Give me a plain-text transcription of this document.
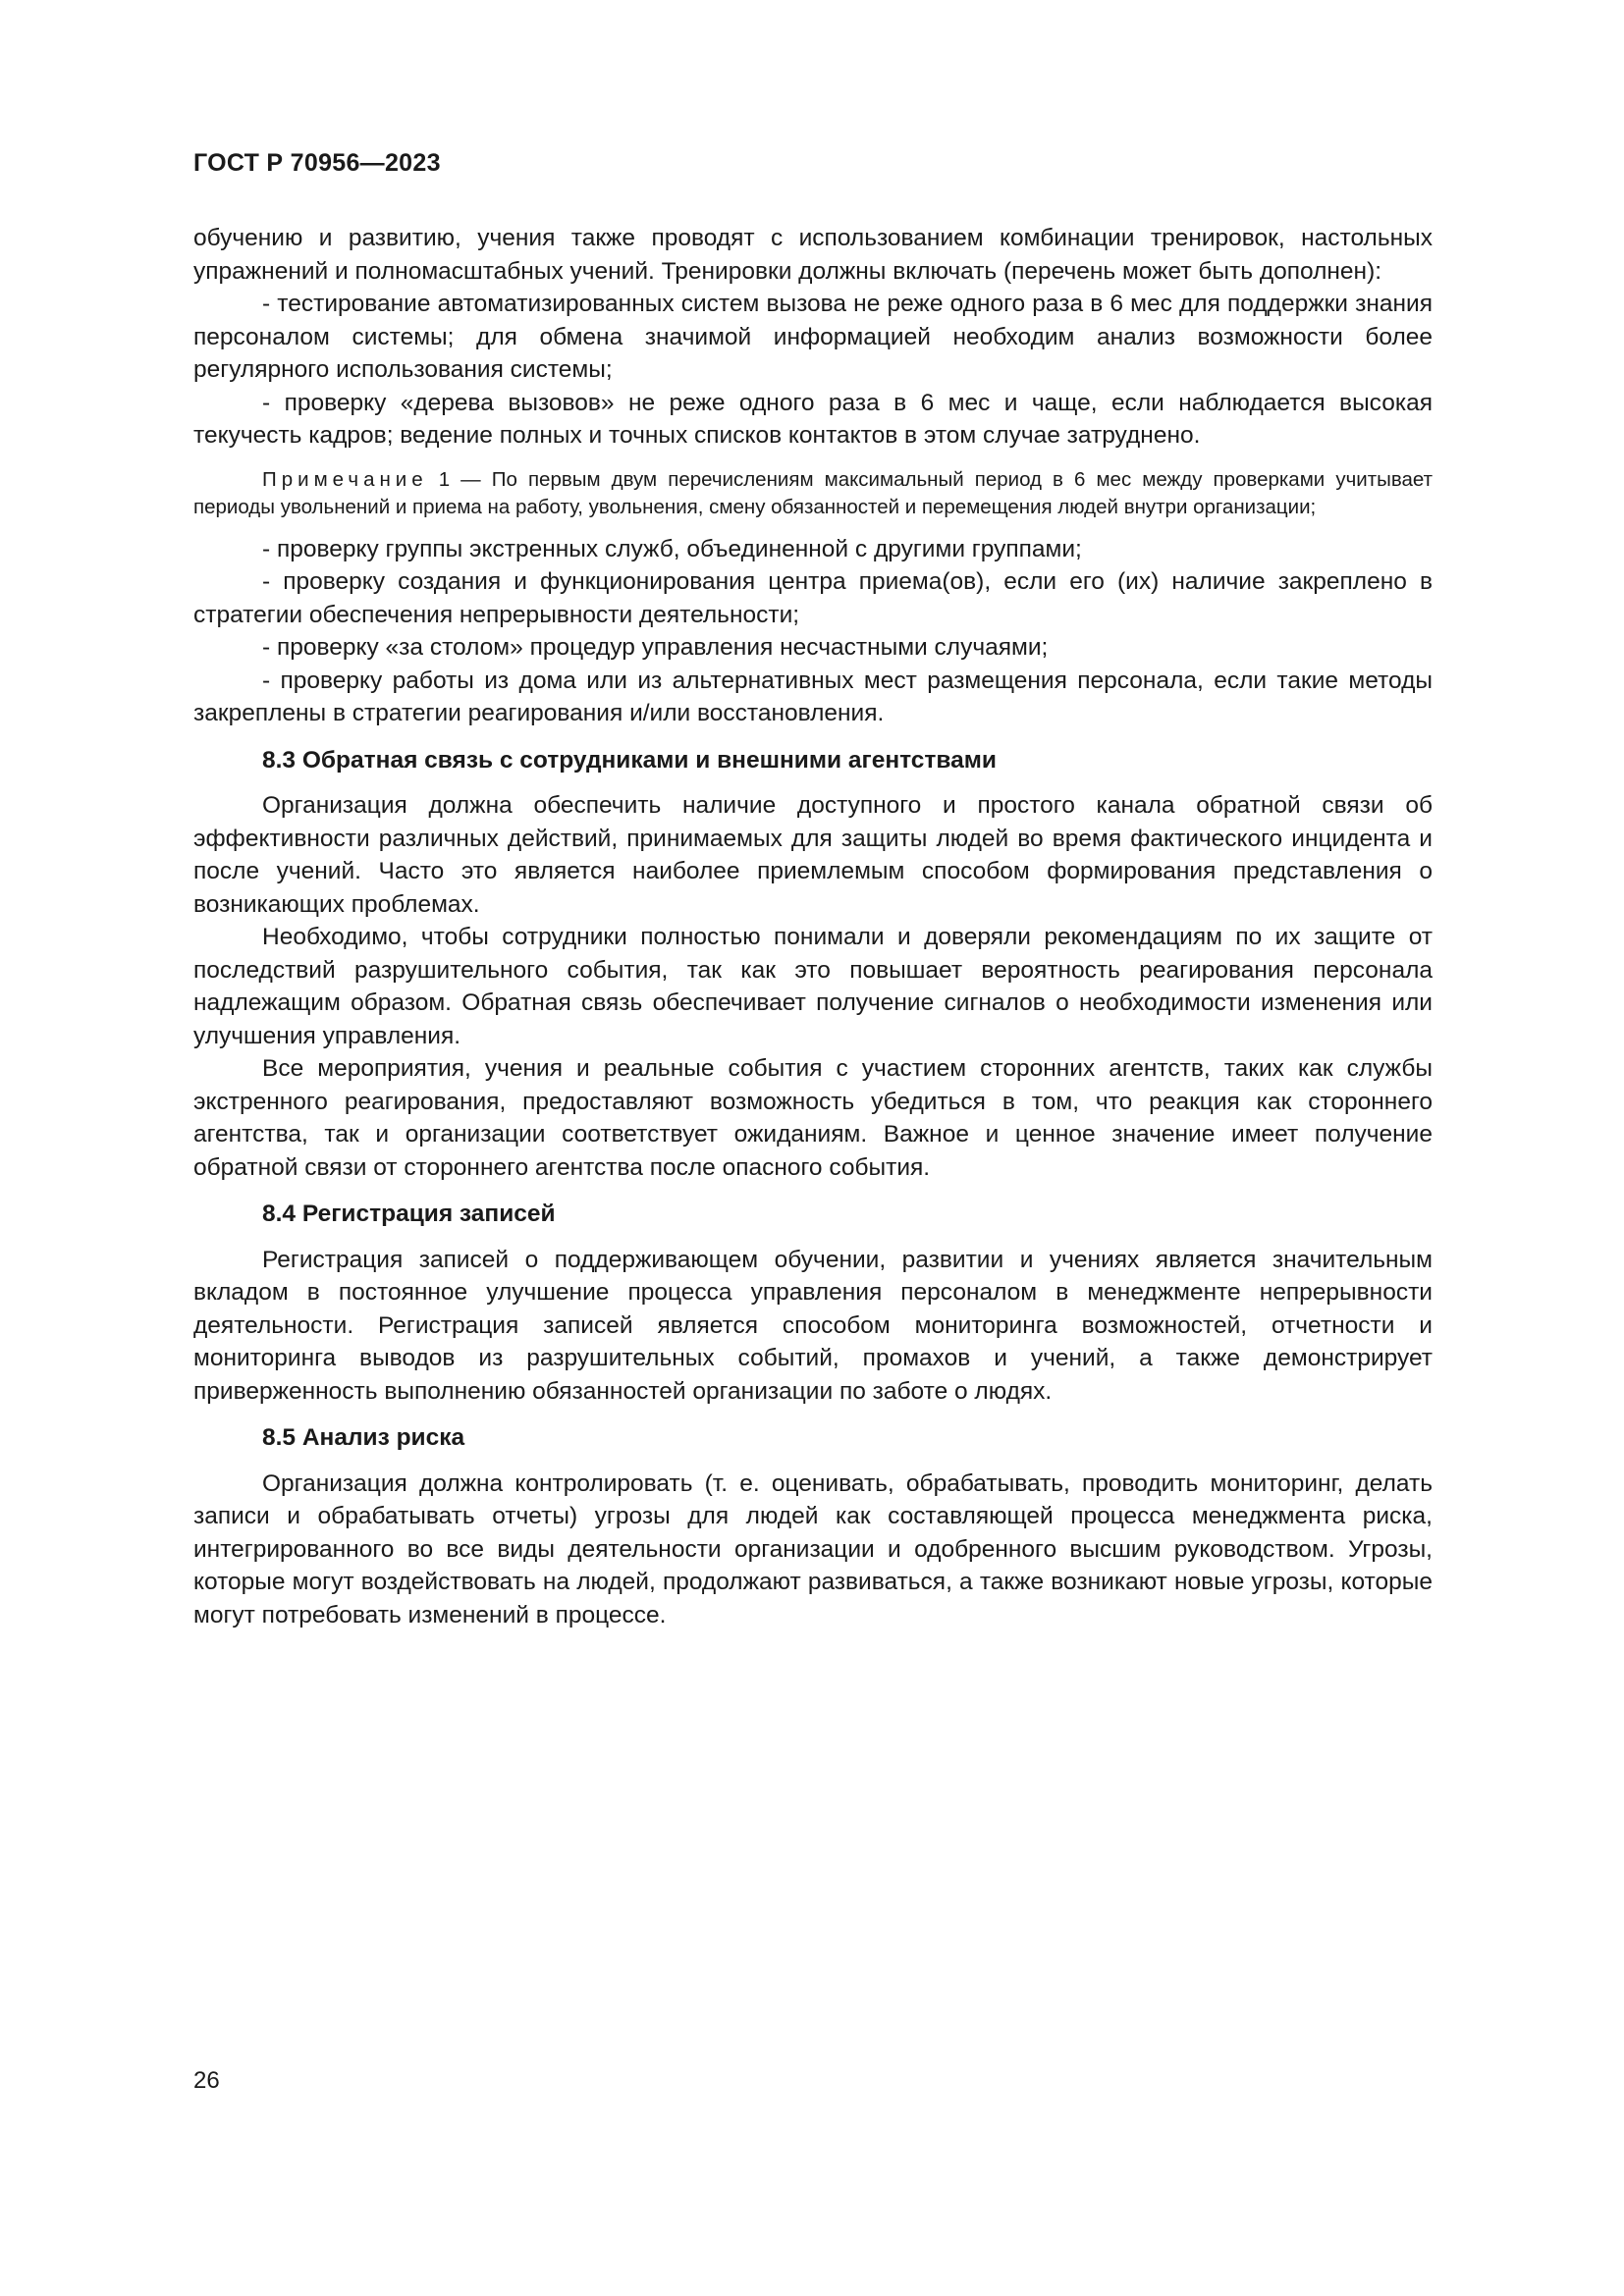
ГОСТ Р 70956—2023

обучению и развитию, учения также проводят с использованием комбинации тренировок, настольных упражнений и полномасштабных учений. Тренировки должны включать (перечень может быть дополнен):

- тестирование автоматизированных систем вызова не реже одного раза в 6 мес для поддержки знания персоналом системы; для обмена значимой информацией необходим анализ возможности более регулярного использования системы;

- проверку «дерева вызовов» не реже одного раза в 6 мес и чаще, если наблюдается высокая текучесть кадров; ведение полных и точных списков контактов в этом случае затруднено.

Примечание 1 — По первым двум перечислениям максимальный период в 6 мес между проверками учитывает периоды увольнений и приема на работу, увольнения, смену обязанностей и перемещения людей внутри организации;

- проверку группы экстренных служб, объединенной с другими группами;

- проверку создания и функционирования центра приема(ов), если его (их) наличие закреплено в стратегии обеспечения непрерывности деятельности;

- проверку «за столом» процедур управления несчастными случаями;

- проверку работы из дома или из альтернативных мест размещения персонала, если такие методы закреплены в стратегии реагирования и/или восстановления.

8.3 Обратная связь с сотрудниками и внешними агентствами

Организация должна обеспечить наличие доступного и простого канала обратной связи об эффективности различных действий, принимаемых для защиты людей во время фактического инцидента и после учений. Часто это является наиболее приемлемым способом формирования представления о возникающих проблемах.

Необходимо, чтобы сотрудники полностью понимали и доверяли рекомендациям по их защите от последствий разрушительного события, так как это повышает вероятность реагирования персонала надлежащим образом. Обратная связь обеспечивает получение сигналов о необходимости изменения или улучшения управления.

Все мероприятия, учения и реальные события с участием сторонних агентств, таких как службы экстренного реагирования, предоставляют возможность убедиться в том, что реакция как стороннего агентства, так и организации соответствует ожиданиям. Важное и ценное значение имеет получение обратной связи от стороннего агентства после опасного события.

8.4 Регистрация записей

Регистрация записей о поддерживающем обучении, развитии и учениях является значительным вкладом в постоянное улучшение процесса управления персоналом в менеджменте непрерывности деятельности. Регистрация записей является способом мониторинга возможностей, отчетности и мониторинга выводов из разрушительных событий, промахов и учений, а также демонстрирует приверженность выполнению обязанностей организации по заботе о людях.

8.5 Анализ риска

Организация должна контролировать (т. е. оценивать, обрабатывать, проводить мониторинг, делать записи и обрабатывать отчеты) угрозы для людей как составляющей процесса менеджмента риска, интегрированного во все виды деятельности организации и одобренного высшим руководством. Угрозы, которые могут воздействовать на людей, продолжают развиваться, а также возникают новые угрозы, которые могут потребовать изменений в процессе.

26
